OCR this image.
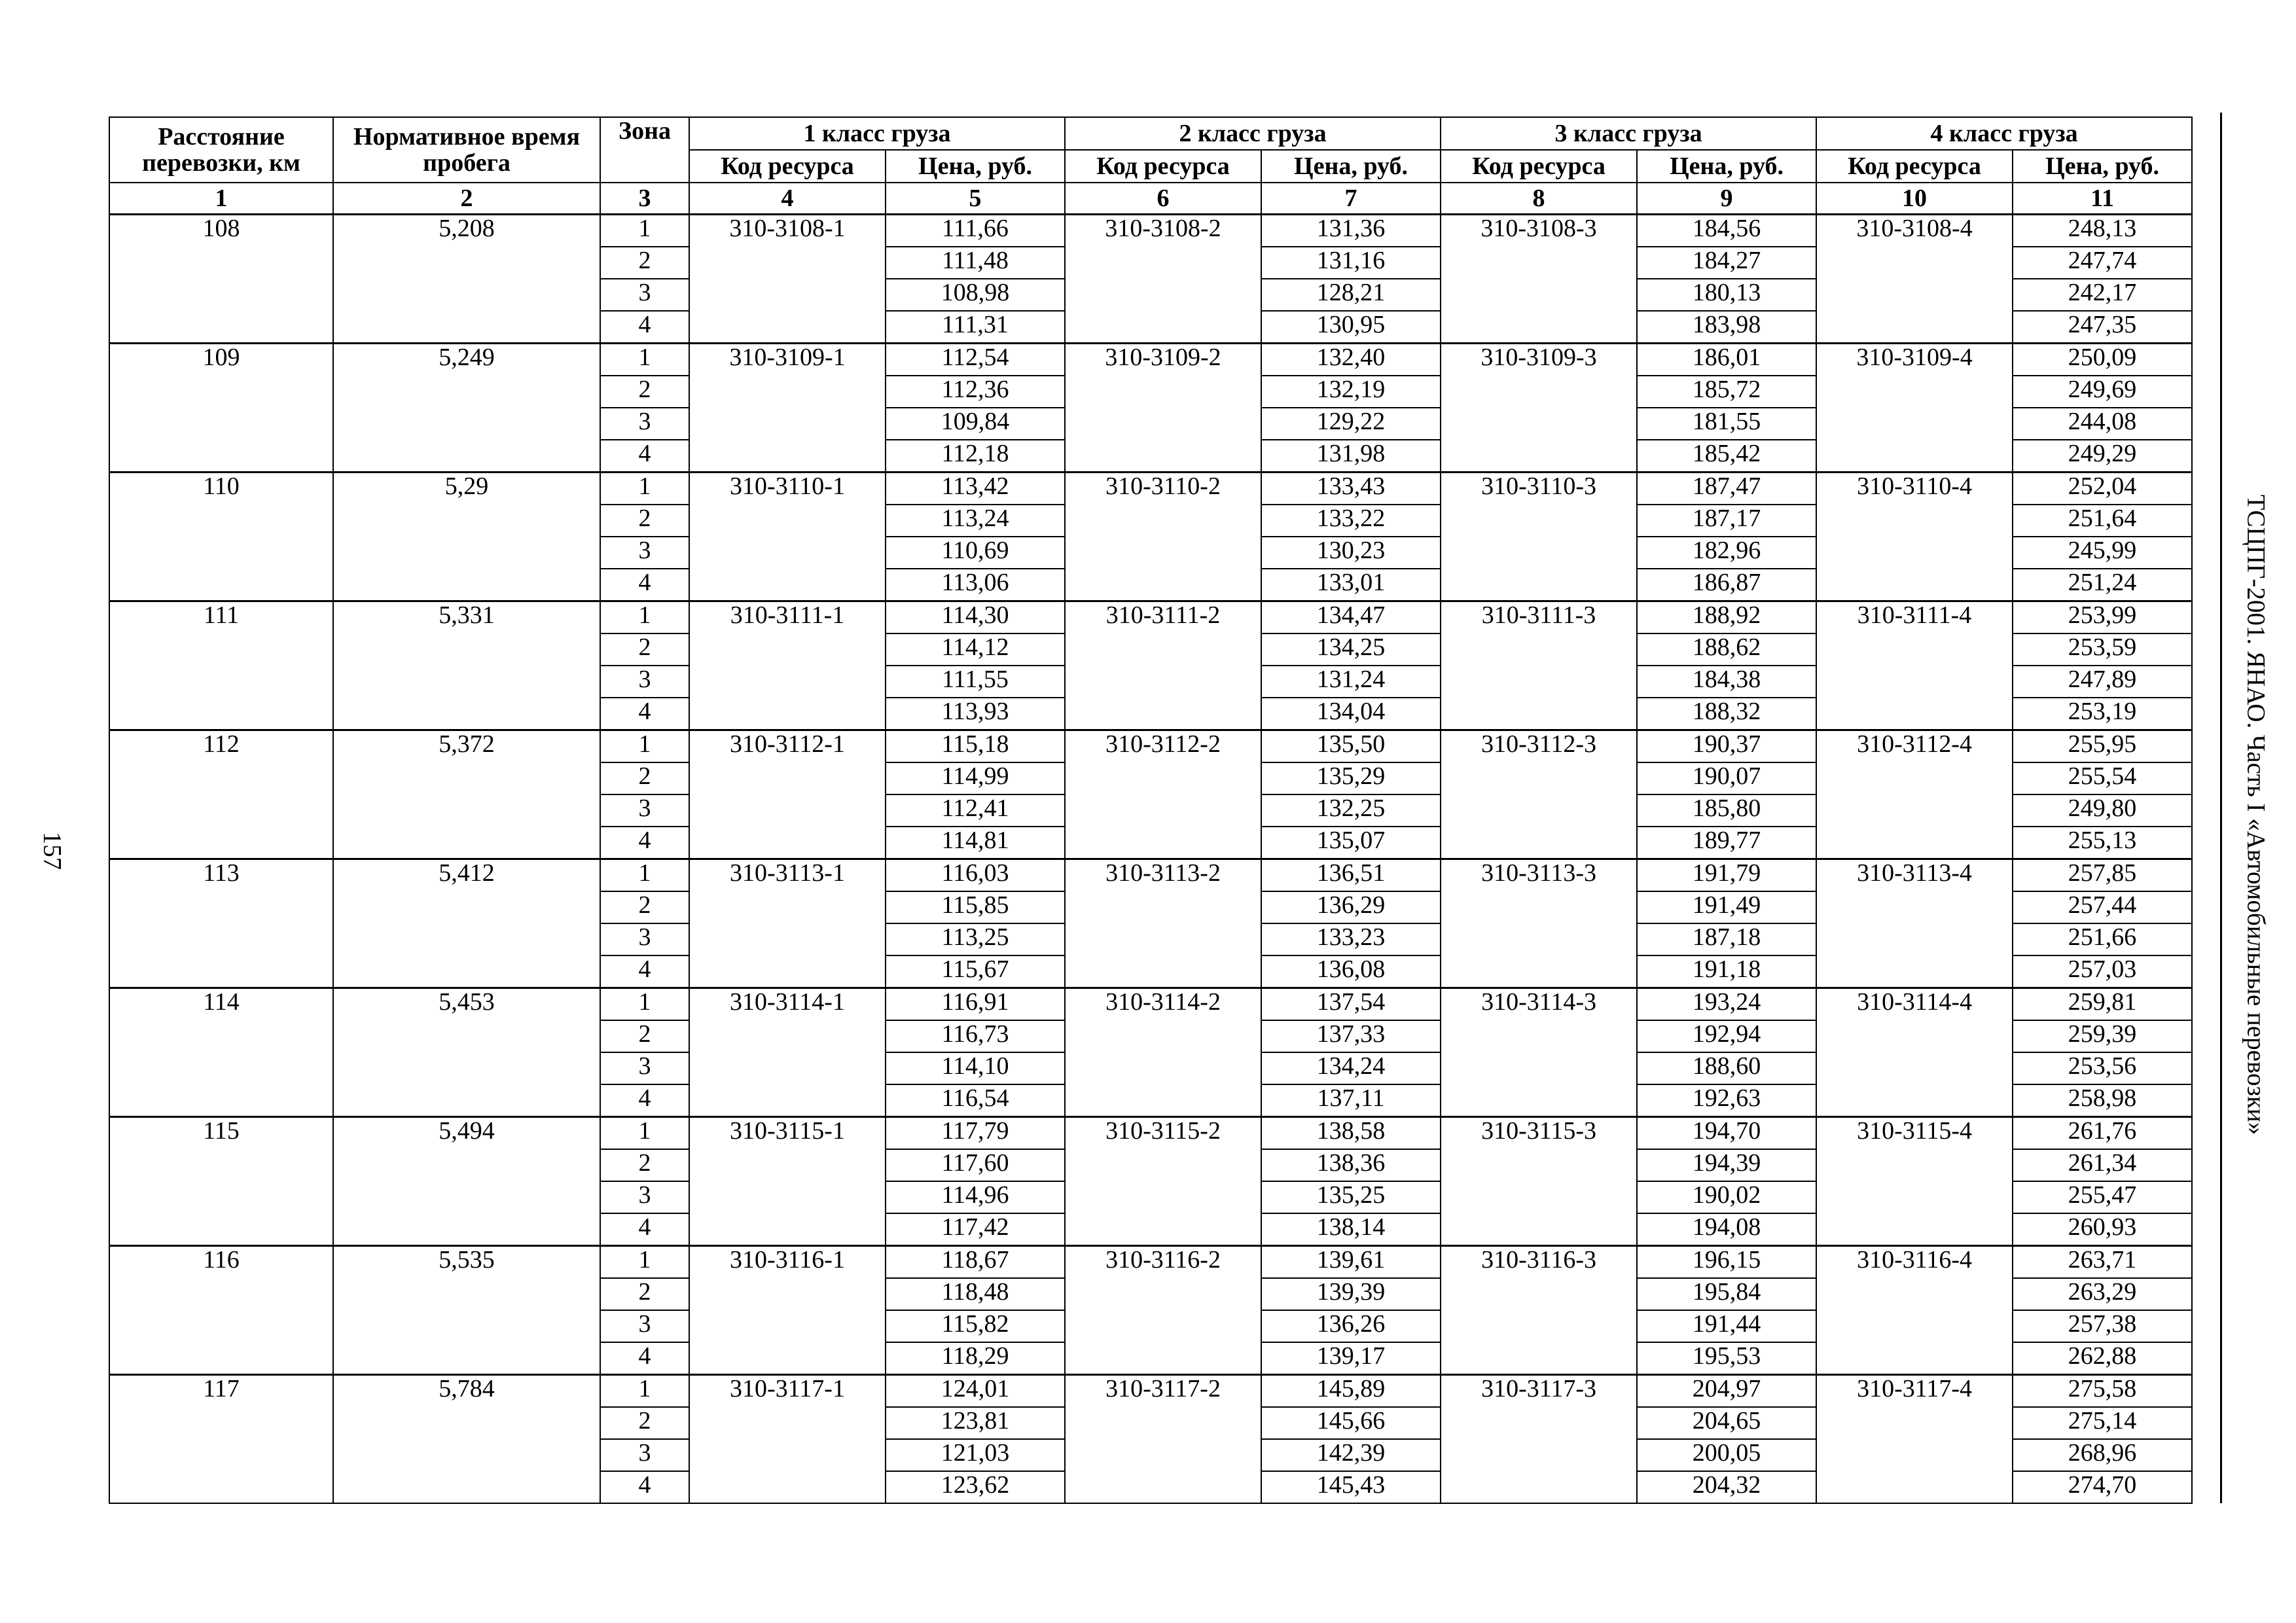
ТСЦПГ-2001. ЯНАО. Часть I «Автомобильные перевозки»
157
Расстояние перевозки, км	Нормативное время пробега	Зона	1 класс груза		2 класс груза		3 класс груза		4 класс груза	
			Код ресурса	Цена, руб.	Код ресурса	Цена, руб.	Код ресурса	Цена, руб.	Код ресурса	Цена, руб.
1	2	3	4	5	6	7	8	9	10	11
108	5,208	1	310-3108-1	111,66	310-3108-2	131,36	310-3108-3	184,56	310-3108-4	248,13
		2		111,48		131,16		184,27		247,74
		3		108,98		128,21		180,13		242,17
		4		111,31		130,95		183,98		247,35
109	5,249	1	310-3109-1	112,54	310-3109-2	132,40	310-3109-3	186,01	310-3109-4	250,09
		2		112,36		132,19		185,72		249,69
		3		109,84		129,22		181,55		244,08
		4		112,18		131,98		185,42		249,29
110	5,29	1	310-3110-1	113,42	310-3110-2	133,43	310-3110-3	187,47	310-3110-4	252,04
		2		113,24		133,22		187,17		251,64
		3		110,69		130,23		182,96		245,99
		4		113,06		133,01		186,87		251,24
111	5,331	1	310-3111-1	114,30	310-3111-2	134,47	310-3111-3	188,92	310-3111-4	253,99
		2		114,12		134,25		188,62		253,59
		3		111,55		131,24		184,38		247,89
		4		113,93		134,04		188,32		253,19
112	5,372	1	310-3112-1	115,18	310-3112-2	135,50	310-3112-3	190,37	310-3112-4	255,95
		2		114,99		135,29		190,07		255,54
		3		112,41		132,25		185,80		249,80
		4		114,81		135,07		189,77		255,13
113	5,412	1	310-3113-1	116,03	310-3113-2	136,51	310-3113-3	191,79	310-3113-4	257,85
		2		115,85		136,29		191,49		257,44
		3		113,25		133,23		187,18		251,66
		4		115,67		136,08		191,18		257,03
114	5,453	1	310-3114-1	116,91	310-3114-2	137,54	310-3114-3	193,24	310-3114-4	259,81
		2		116,73		137,33		192,94		259,39
		3		114,10		134,24		188,60		253,56
		4		116,54		137,11		192,63		258,98
115	5,494	1	310-3115-1	117,79	310-3115-2	138,58	310-3115-3	194,70	310-3115-4	261,76
		2		117,60		138,36		194,39		261,34
		3		114,96		135,25		190,02		255,47
		4		117,42		138,14		194,08		260,93
116	5,535	1	310-3116-1	118,67	310-3116-2	139,61	310-3116-3	196,15	310-3116-4	263,71
		2		118,48		139,39		195,84		263,29
		3		115,82		136,26		191,44		257,38
		4		118,29		139,17		195,53		262,88
117	5,784	1	310-3117-1	124,01	310-3117-2	145,89	310-3117-3	204,97	310-3117-4	275,58
		2		123,81		145,66		204,65		275,14
		3		121,03		142,39		200,05		268,96
		4		123,62		145,43		204,32		274,70
